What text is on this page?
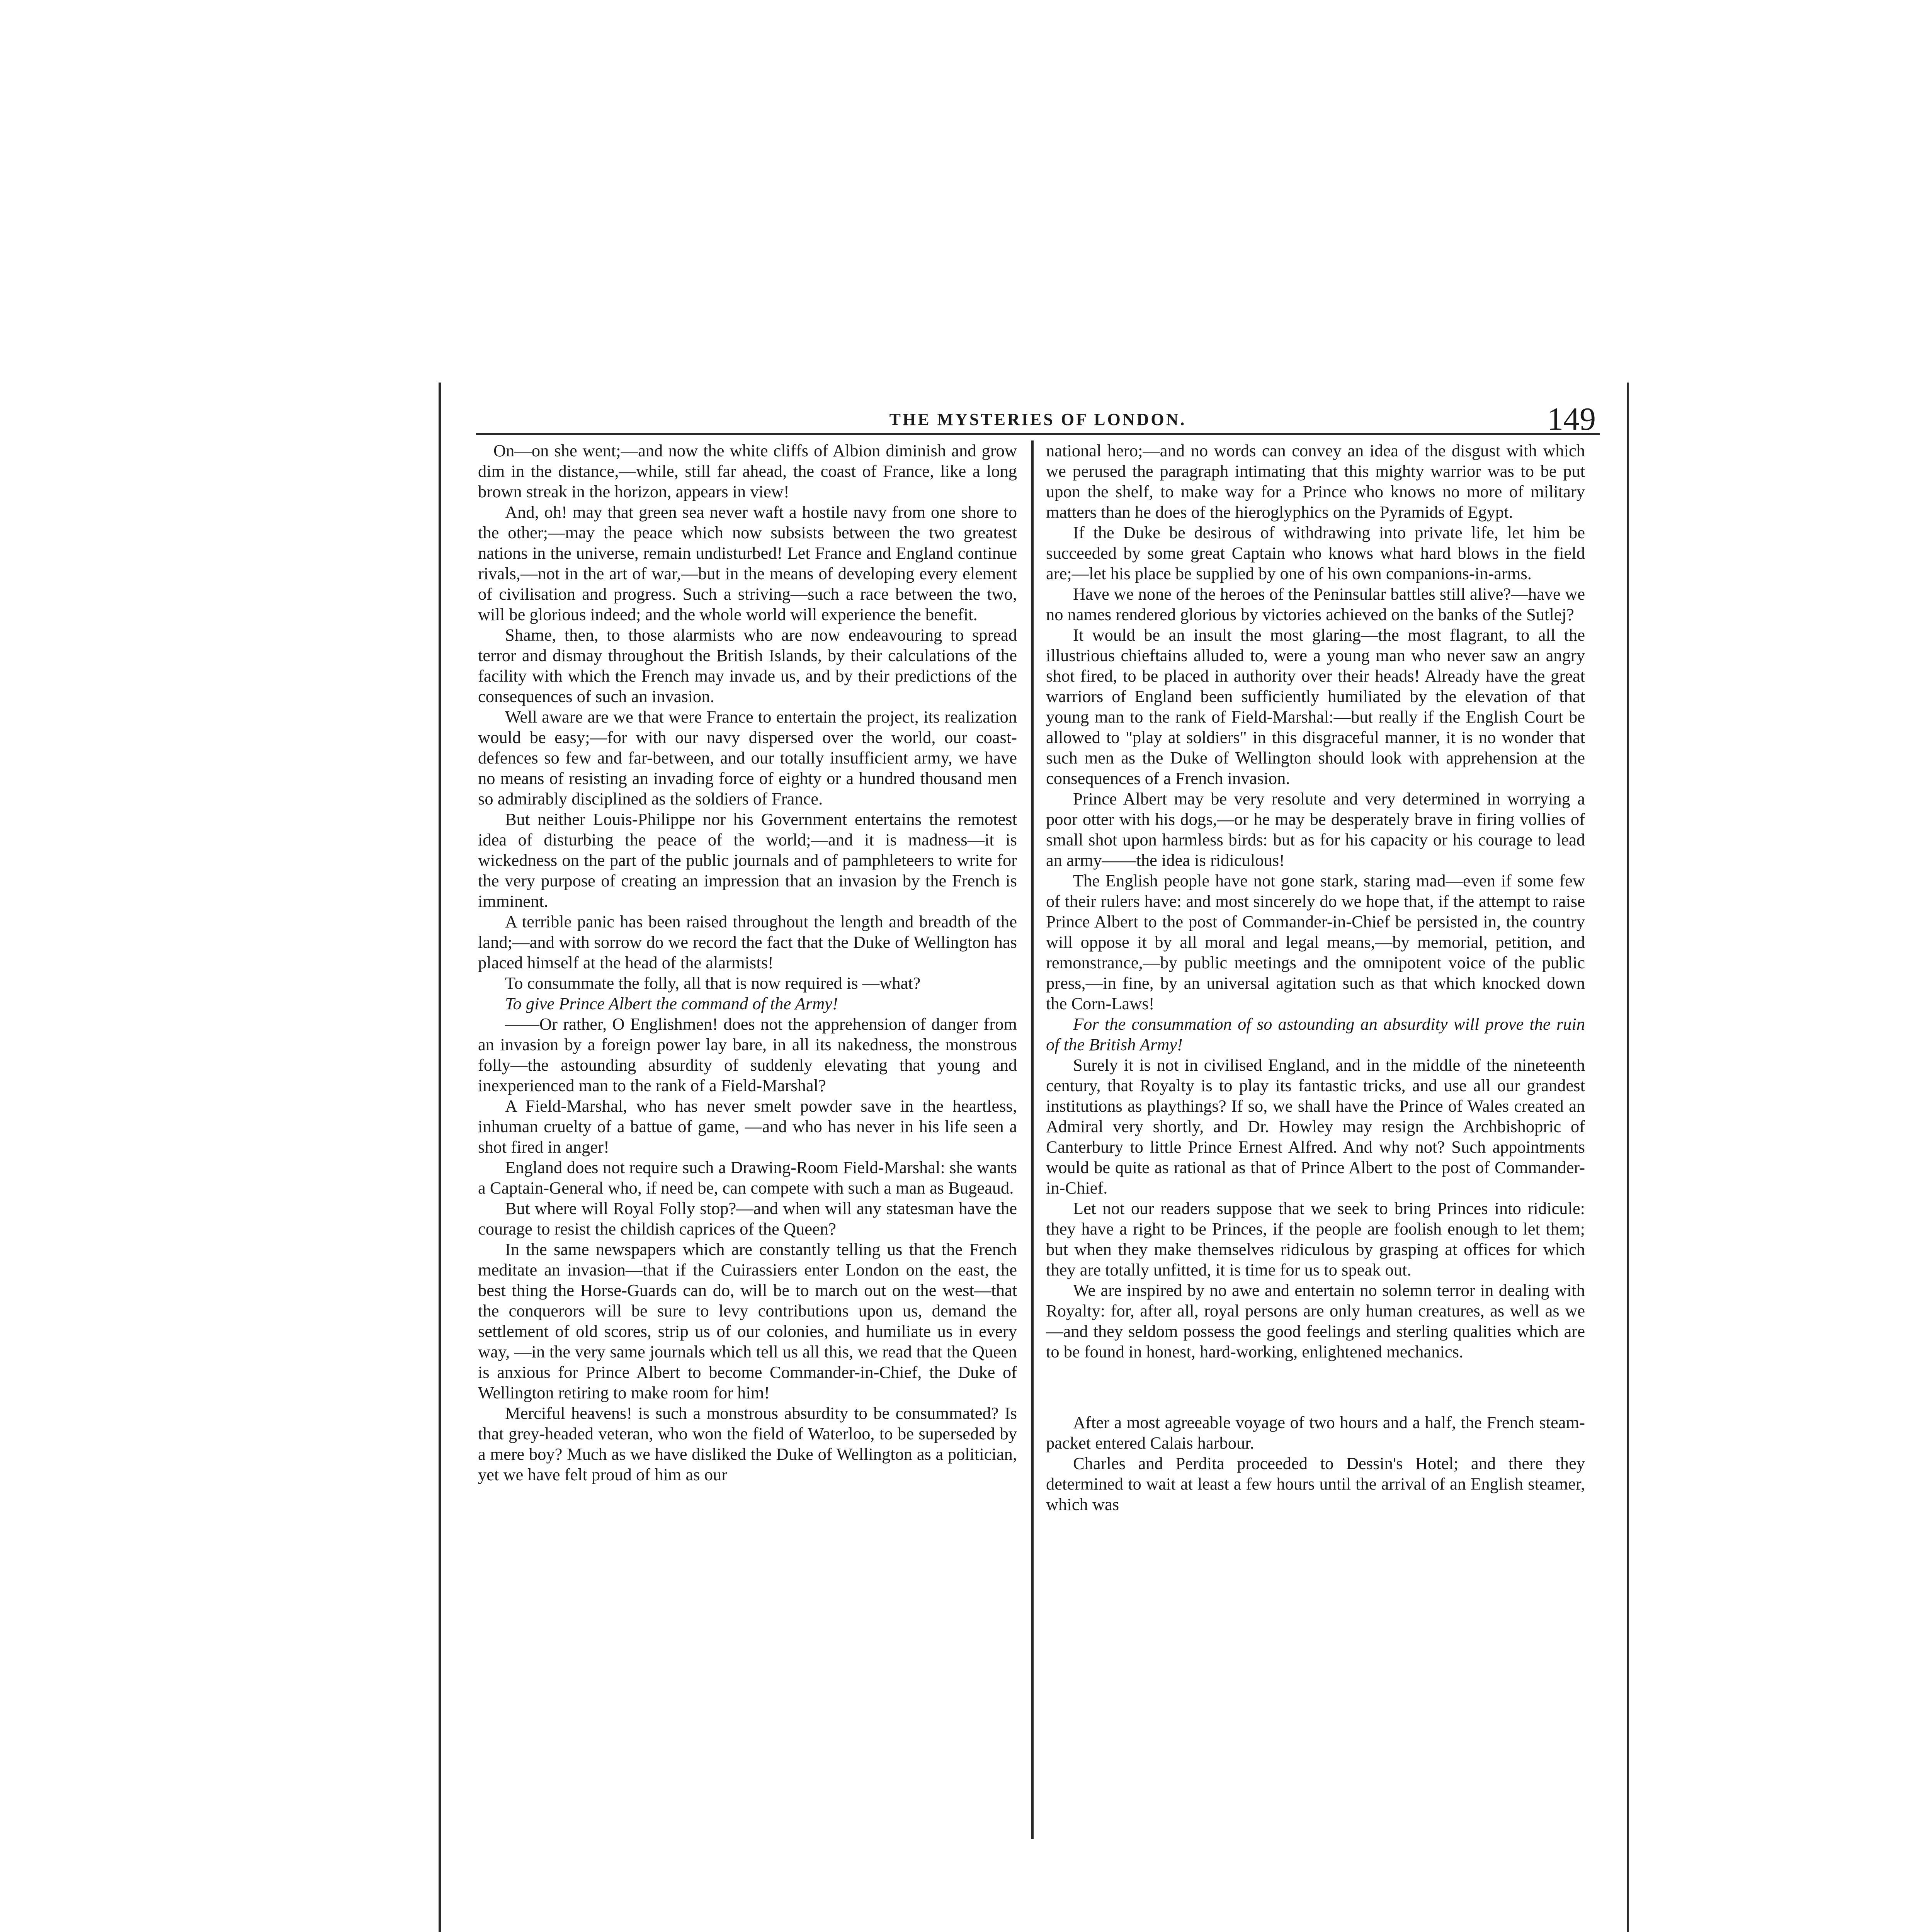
THE MYSTERIES OF LONDON.	149

On—on she went;—and now the white cliffs of Albion diminish and grow dim in the distance,—while, still far ahead, the coast of France, like a long brown streak in the horizon, appears in view!

And, oh! may that green sea never waft a hostile navy from one shore to the other;—may the peace which now subsists between the two greatest nations in the universe, remain undisturbed! Let France and England continue rivals,—not in the art of war,—but in the means of developing every element of civilisation and progress. Such a striving—such a race between the two, will be glorious indeed; and the whole world will experience the benefit.

Shame, then, to those alarmists who are now endeavouring to spread terror and dismay throughout the British Islands, by their calculations of the facility with which the French may invade us, and by their predictions of the consequences of such an invasion.

Well aware are we that were France to entertain the project, its realization would be easy;—for with our navy dispersed over the world, our coast-defences so few and far-between, and our totally insufficient army, we have no means of resisting an invading force of eighty or a hundred thousand men so admirably disciplined as the soldiers of France.

But neither Louis-Philippe nor his Government entertains the remotest idea of disturbing the peace of the world;—and it is madness—it is wickedness on the part of the public journals and of pamphleteers to write for the very purpose of creating an impression that an invasion by the French is imminent.

A terrible panic has been raised throughout the length and breadth of the land;—and with sorrow do we record the fact that the Duke of Wellington has placed himself at the head of the alarmists!

To consummate the folly, all that is now required is —what?

To give Prince Albert the command of the Army!

——Or rather, O Englishmen! does not the apprehension of danger from an invasion by a foreign power lay bare, in all its nakedness, the monstrous folly—the astounding absurdity of suddenly elevating that young and inexperienced man to the rank of a Field-Marshal?

A Field-Marshal, who has never smelt powder save in the heartless, inhuman cruelty of a battue of game, —and who has never in his life seen a shot fired in anger!

England does not require such a Drawing-Room Field-Marshal: she wants a Captain-General who, if need be, can compete with such a man as Bugeaud.

But where will Royal Folly stop?—and when will any statesman have the courage to resist the childish caprices of the Queen?

In the same newspapers which are constantly telling us that the French meditate an invasion—that if the Cuirassiers enter London on the east, the best thing the Horse-Guards can do, will be to march out on the west—that the conquerors will be sure to levy contributions upon us, demand the settlement of old scores, strip us of our colonies, and humiliate us in every way, —in the very same journals which tell us all this, we read that the Queen is anxious for Prince Albert to become Commander-in-Chief, the Duke of Wellington retiring to make room for him!

Merciful heavens! is such a monstrous absurdity to be consummated? Is that grey-headed veteran, who won the field of Waterloo, to be superseded by a mere boy? Much as we have disliked the Duke of Wellington as a politician, yet we have felt proud of him as our

national hero;—and no words can convey an idea of the disgust with which we perused the paragraph intimating that this mighty warrior was to be put upon the shelf, to make way for a Prince who knows no more of military matters than he does of the hieroglyphics on the Pyramids of Egypt.

If the Duke be desirous of withdrawing into private life, let him be succeeded by some great Captain who knows what hard blows in the field are;—let his place be supplied by one of his own companions-in-arms.

Have we none of the heroes of the Peninsular battles still alive?—have we no names rendered glorious by victories achieved on the banks of the Sutlej?

It would be an insult the most glaring—the most flagrant, to all the illustrious chieftains alluded to, were a young man who never saw an angry shot fired, to be placed in authority over their heads! Already have the great warriors of England been sufficiently humiliated by the elevation of that young man to the rank of Field-Marshal:—but really if the English Court be allowed to "play at soldiers" in this disgraceful manner, it is no wonder that such men as the Duke of Wellington should look with apprehension at the consequences of a French invasion.

Prince Albert may be very resolute and very determined in worrying a poor otter with his dogs,—or he may be desperately brave in firing vollies of small shot upon harmless birds: but as for his capacity or his courage to lead an army——the idea is ridiculous!

The English people have not gone stark, staring mad—even if some few of their rulers have: and most sincerely do we hope that, if the attempt to raise Prince Albert to the post of Commander-in-Chief be persisted in, the country will oppose it by all moral and legal means,—by memorial, petition, and remonstrance,—by public meetings and the omnipotent voice of the public press,—in fine, by an universal agitation such as that which knocked down the Corn-Laws!

For the consummation of so astounding an absurdity will prove the ruin of the British Army!

Surely it is not in civilised England, and in the middle of the nineteenth century, that Royalty is to play its fantastic tricks, and use all our grandest institutions as playthings? If so, we shall have the Prince of Wales created an Admiral very shortly, and Dr. Howley may resign the Archbishopric of Canterbury to little Prince Ernest Alfred. And why not? Such appointments would be quite as rational as that of Prince Albert to the post of Commander-in-Chief.

Let not our readers suppose that we seek to bring Princes into ridicule: they have a right to be Princes, if the people are foolish enough to let them; but when they make themselves ridiculous by grasping at offices for which they are totally unfitted, it is time for us to speak out.

We are inspired by no awe and entertain no solemn terror in dealing with Royalty: for, after all, royal persons are only human creatures, as well as we—and they seldom possess the good feelings and sterling qualities which are to be found in honest, hard-working, enlightened mechanics.

After a most agreeable voyage of two hours and a half, the French steam-packet entered Calais harbour.

Charles and Perdita proceeded to Dessin's Hotel; and there they determined to wait at least a few hours until the arrival of an English steamer, which was
